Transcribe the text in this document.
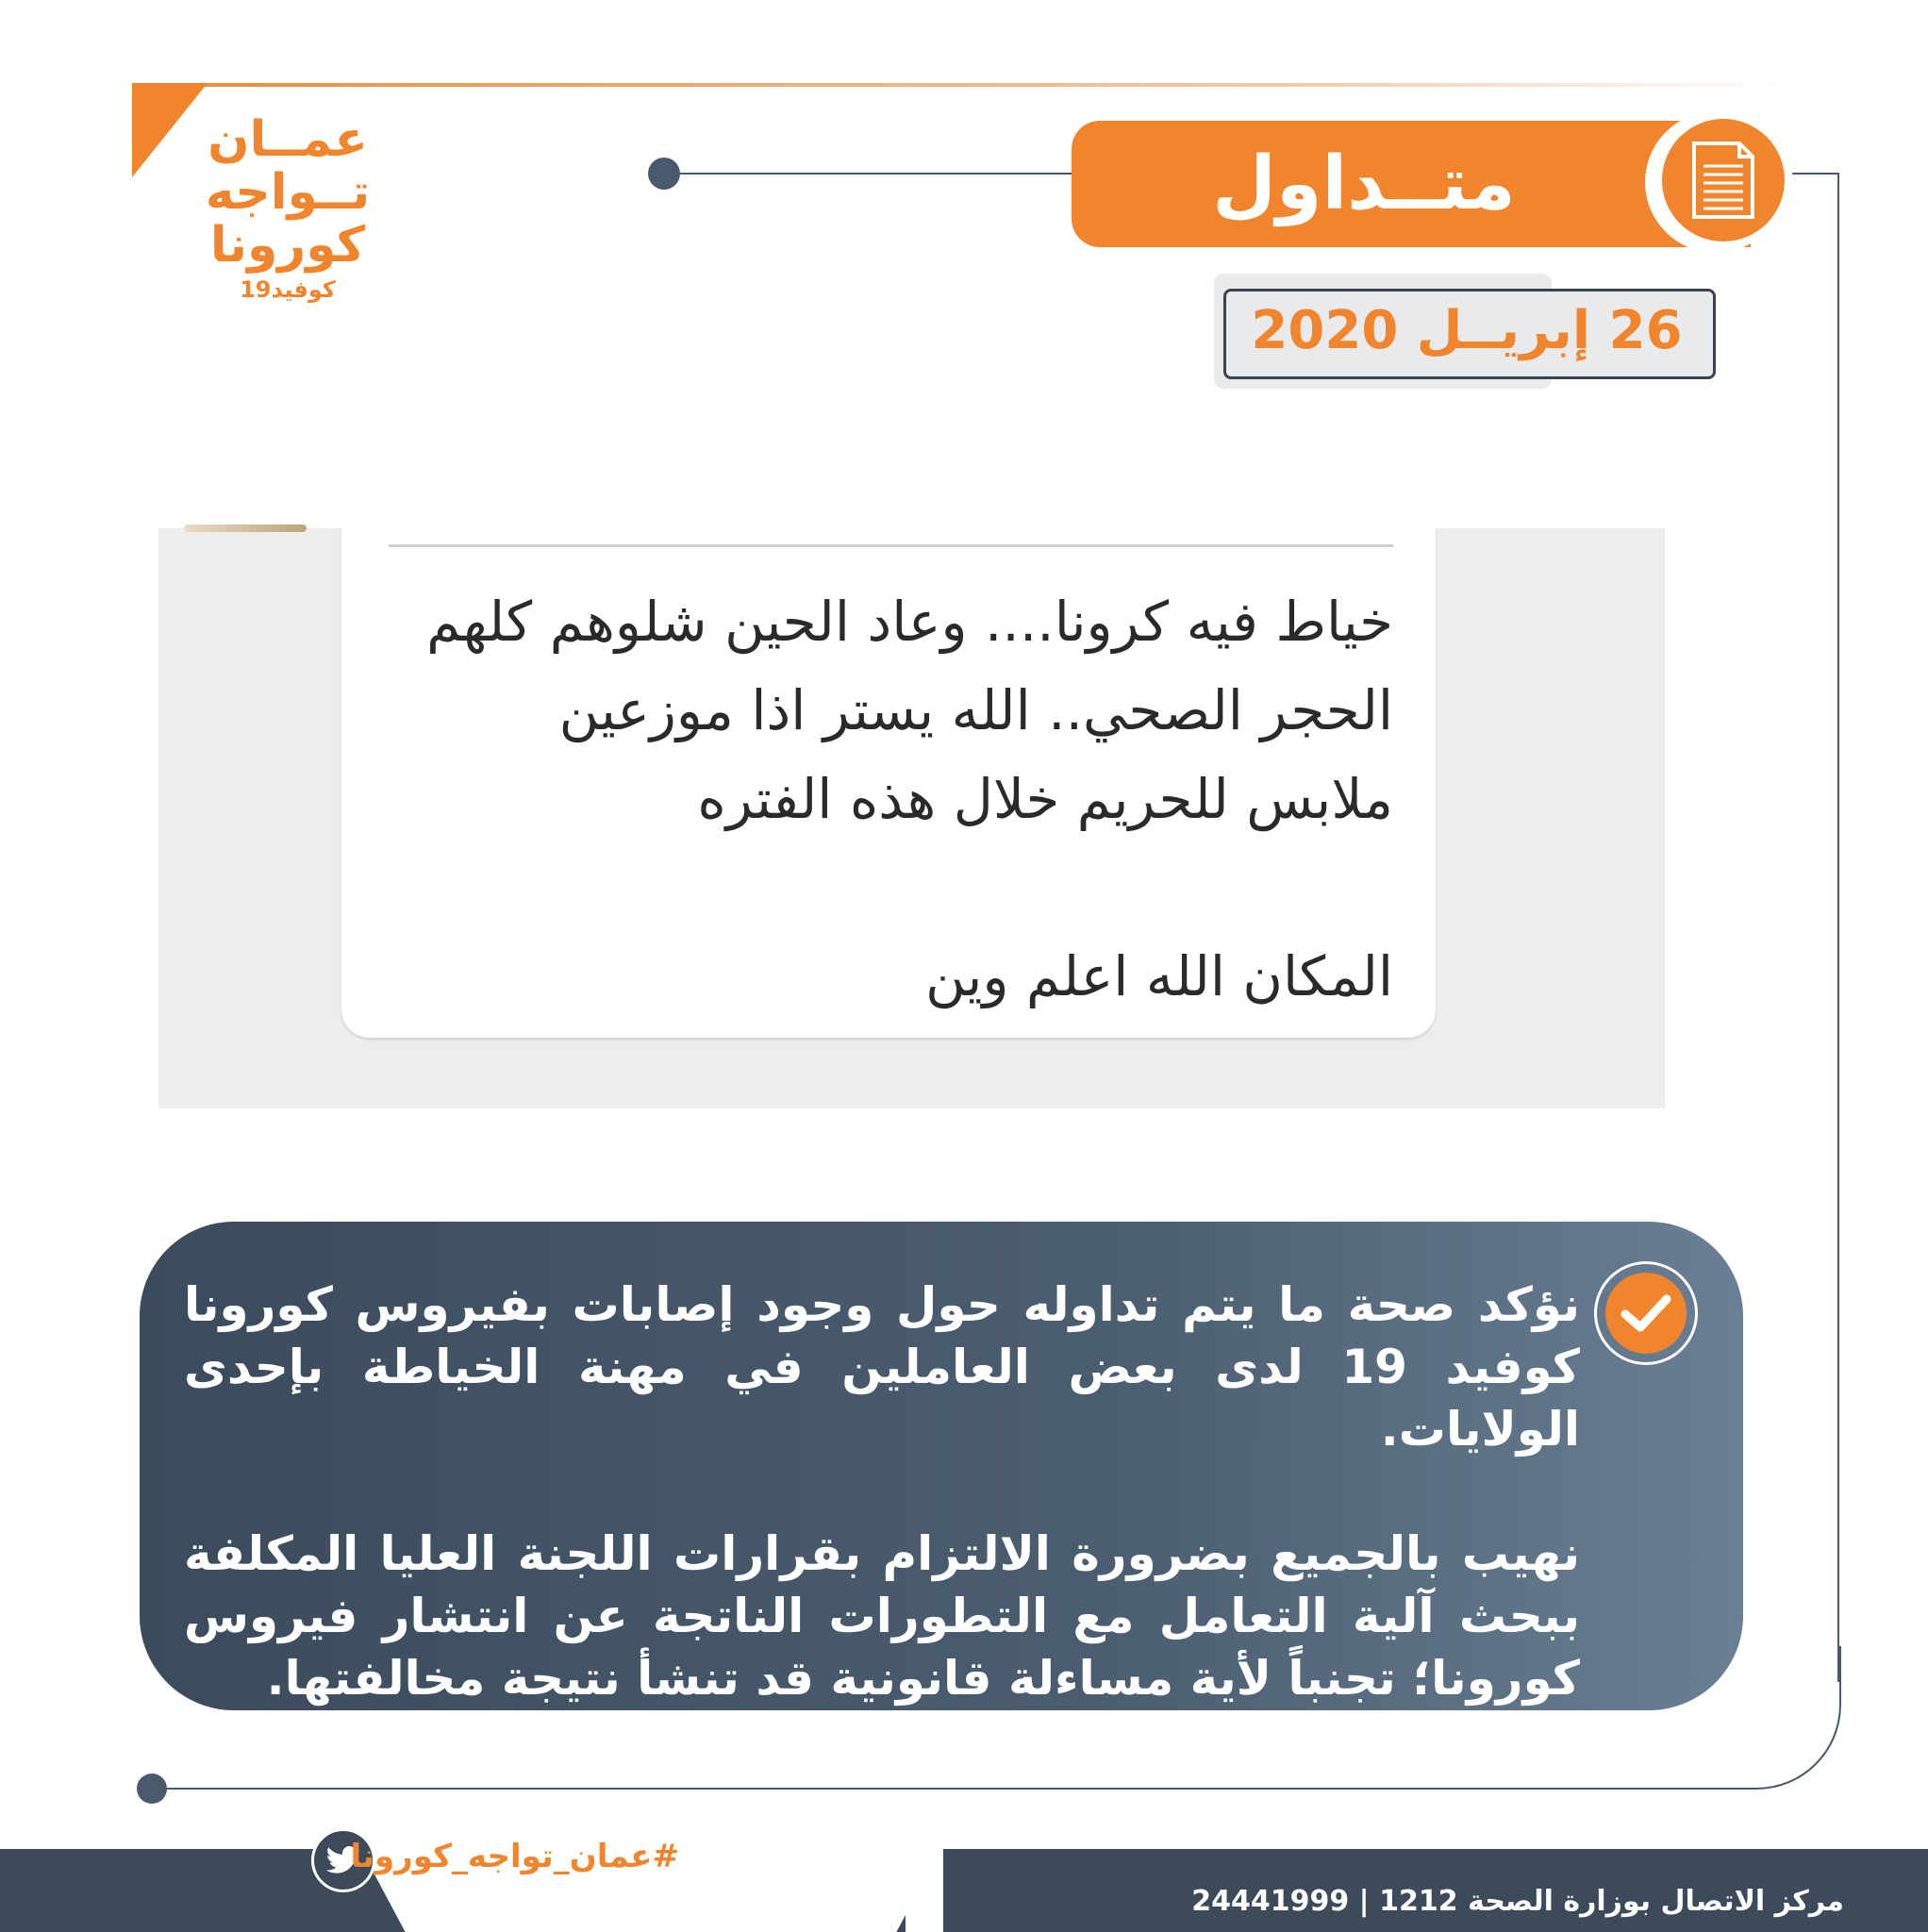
عمــان
تــواجه
كورونا
كوفيد19
متــداول
26 إبريــل 2020
خياط فيه كرونا.... وعاد الحين شلوهم كلهم
الحجر الصحي.. الله يستر اذا موزعين
ملابس للحريم خلال هذه الفتره
المكان الله اعلم وين

نؤكد صحة ما يتم تداوله حول وجود إصابات بفيروس كورونا كوفيد 19 لدى بعض العاملين في مهنة الخياطة بإحدى الولايات.

نهيب بالجميع بضرورة الالتزام بقرارات اللجنة العليا المكلفة ببحث آلية التعامل مع التطورات الناتجة عن انتشار فيروس كورونا؛ تجنباً لأية مساءلة قانونية قد تنشأ نتيجة مخالفتها.

#عمان_تواجه_كورونا
مركز الاتصال بوزارة الصحة 1212 | 24441999
